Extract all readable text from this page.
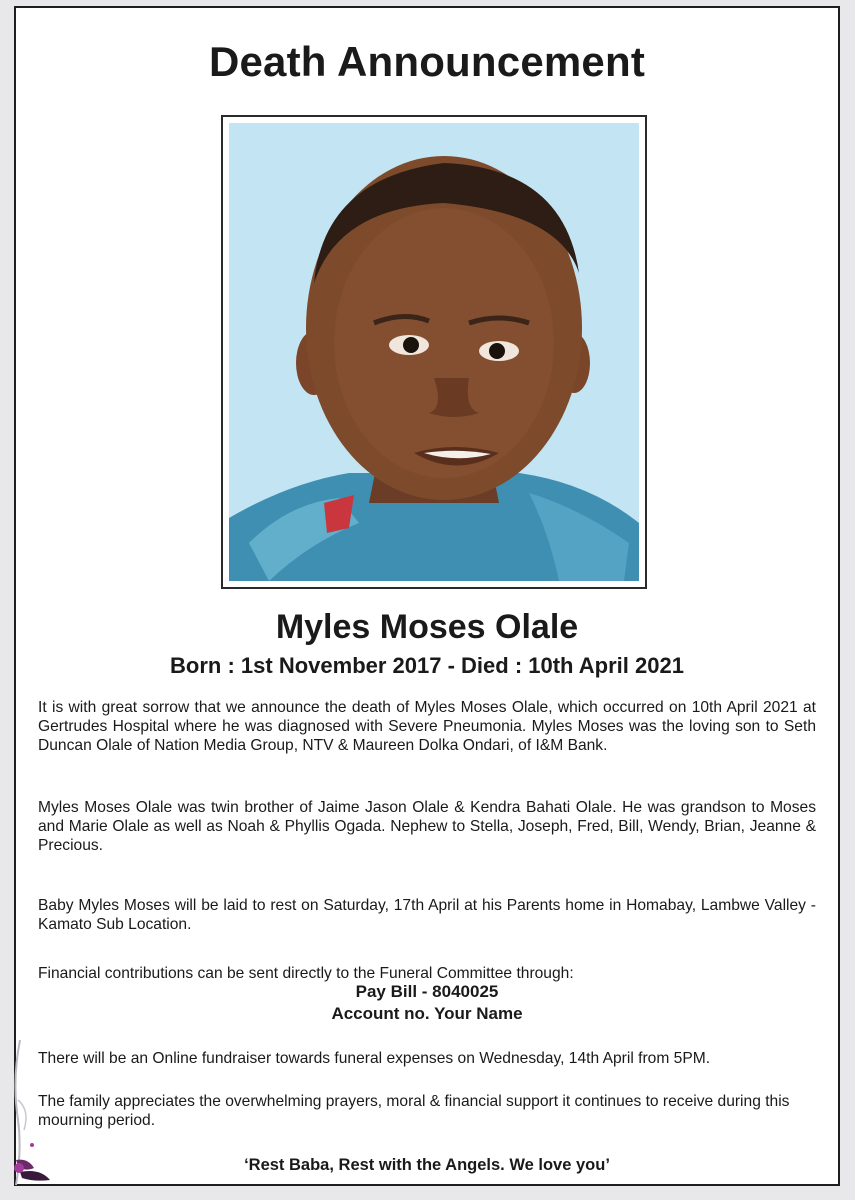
Death Announcement
Myles Moses Olale
Born : 1st November 2017 - Died : 10th April 2021
It is with great sorrow that we announce the death of Myles Moses Olale, which occurred on 10th April 2021 at Gertrudes Hospital where he was diagnosed with Severe Pneumonia. Myles Moses was the loving son to Seth Duncan Olale of Nation Media Group, NTV & Maureen Dolka Ondari, of I&M Bank.
Myles Moses Olale was twin brother of Jaime Jason Olale & Kendra Bahati Olale. He was grandson to Moses and Marie Olale as well as Noah & Phyllis Ogada. Nephew to Stella, Joseph, Fred, Bill, Wendy, Brian, Jeanne & Precious.
Baby Myles Moses will be laid to rest on Saturday, 17th April at his Parents home in Homabay, Lambwe Valley - Kamato Sub Location.
Financial contributions can be sent directly to the Funeral Committee through:
Pay Bill - 8040025
Account no. Your Name
There will be an Online fundraiser towards funeral expenses on Wednesday, 14th April from 5PM.
The family appreciates the overwhelming prayers, moral & financial support it continues to receive during this mourning period.
‘Rest Baba, Rest with the Angels. We love you’
